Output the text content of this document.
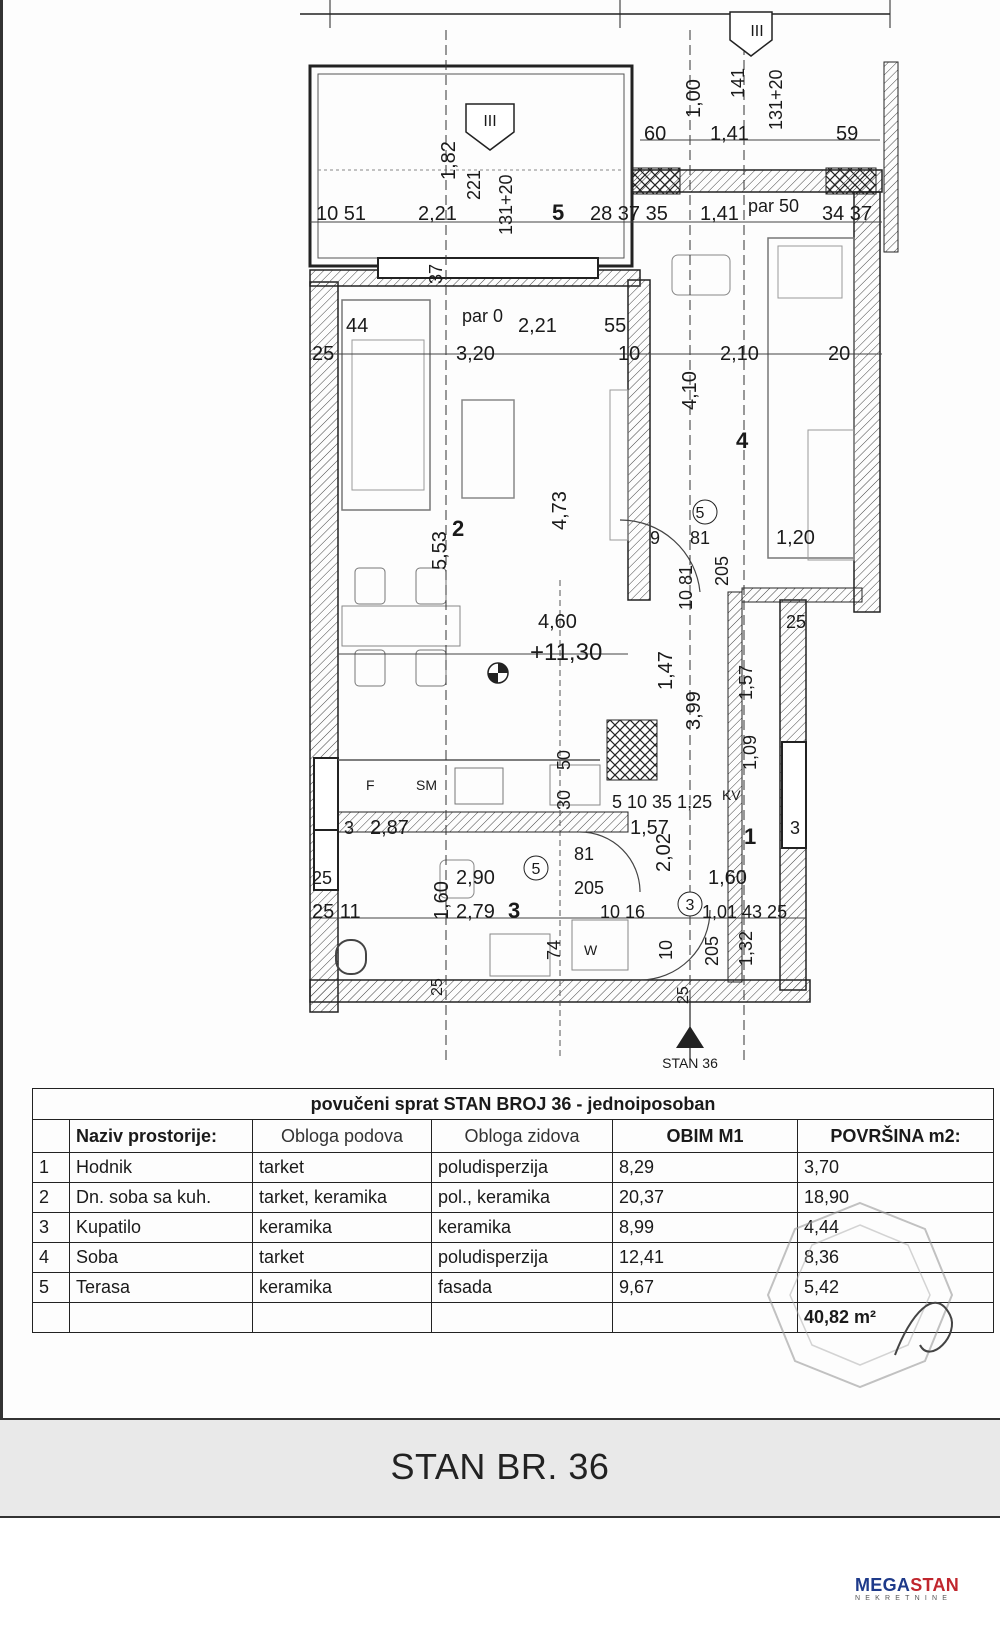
III
III
1,82
221 131+20
10 51	2,21	5 28 37 35 1,41 par 50 34 37
60
1,00
1,41
141 131+20
59
37
par 0
44	2,21 55
25	3,20	10	2,10	20
4,10
4
4,73
5,53
2
5
9 81	1,20
10 81 205
25
4,60
+11,30	1,47
3,99
1,57
50	1,09
F	SM
KV
5 10 35 1,25
3 2,87
30
1,57	3
1
81	2,02
25	2,90 5
205	1,60
1,60
25 11	2,79 3	10 16	3 1,01 43 25
74 W	10 205 1,32
25	25
STAN 36
povučeni sprat STAN BROJ 36 - jednoiposoban					
	Naziv prostorije:	Obloga podova	Obloga zidova	OBIM M1	POVRŠINA m2:
1	Hodnik	tarket	poludisperzija	8,29	3,70
2	Dn. soba sa kuh.	tarket, keramika	pol., keramika	20,37	18,90
3	Kupatilo	keramika	keramika	8,99	4,44
4	Soba	tarket	poludisperzija	12,41	8,36
5	Terasa	keramika	fasada	9,67	5,42
					40,82 m²
STAN BR. 36
MEGASTAN
NEKRETNINE
